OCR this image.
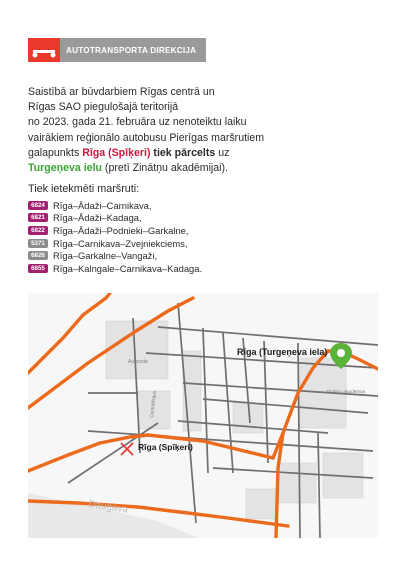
AUTOTRANSPORTA DIREKCIJA
Saistībā ar būvdarbiem Rīgas centrā un
Rīgas SAO piegulošajā teritorijā
no 2023. gada 21. februāra uz nenoteiktu laiku
vairākiem reģionālo autobusu Pierīgas maršrutiem
galapunkts Rīga (Spīķeri) tiek pārcelts uz
Turgeņeva ielu (pretī Zinātņu akadēmijai).
Tiek ietekmēti maršruti:
6824 Rīga–Ādaži–Carnikava,
6821 Rīga–Ādaži–Kadaga,
6822 Rīga–Ādaži–Podnieki–Garkalne,
5371 Rīga–Carnikava–Zvejniekciems,
6826 Rīga–Garkalne–Vangaži,
6855 Rīga–Kalngale–Carnikava–Kadaga.
Rīga (Turgeņeva iela)
Rīga (Spīķeri)
Autoosta
Centrāltirgus	Zinātņu akadēmija
Daugava
